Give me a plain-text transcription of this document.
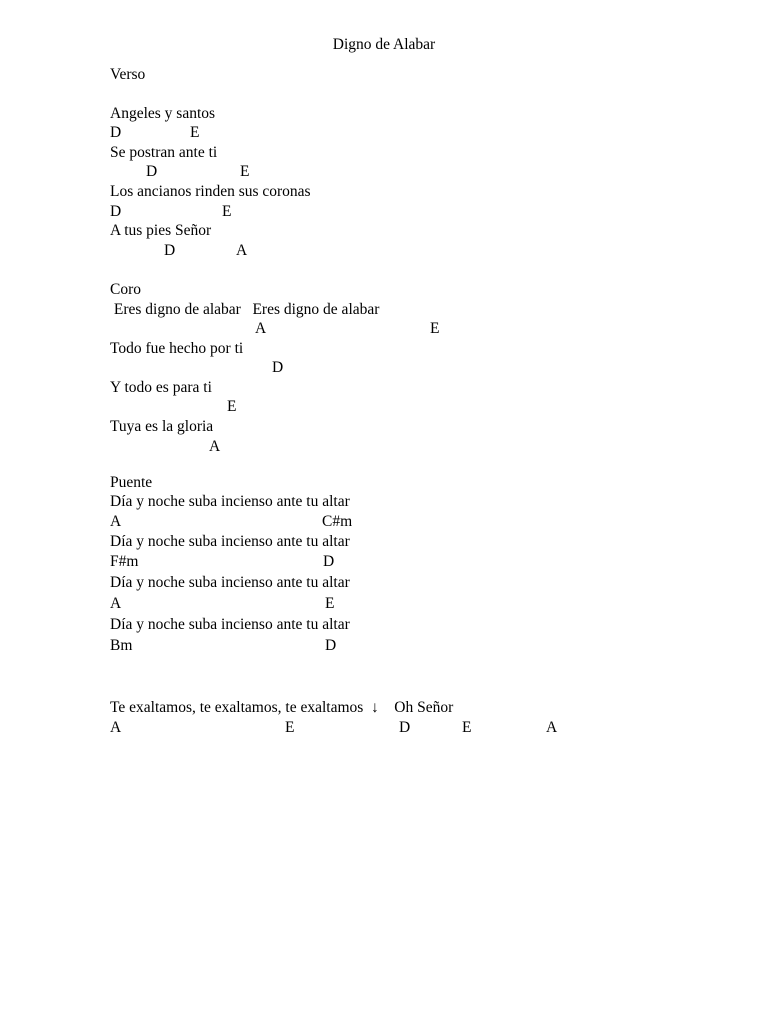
Digno de Alabar
Verso
Angeles y santos
D	E
Se postran ante ti
D	E
Los ancianos rinden sus coronas
D	E
A tus pies Señor
D	A
Coro
Eres digno de alabar   Eres digno de alabar
A	E
Todo fue hecho por ti
D
Y todo es para ti
E
Tuya es la gloria
A
Puente
Día y noche suba incienso ante tu altar
A	C#m
Día y noche suba incienso ante tu altar
F#m	D
Día y noche suba incienso ante tu altar
A	E
Día y noche suba incienso ante tu altar
Bm	D
Te exaltamos, te exaltamos, te exaltamos  ↓    Oh Señor
A	E	D	E	A
